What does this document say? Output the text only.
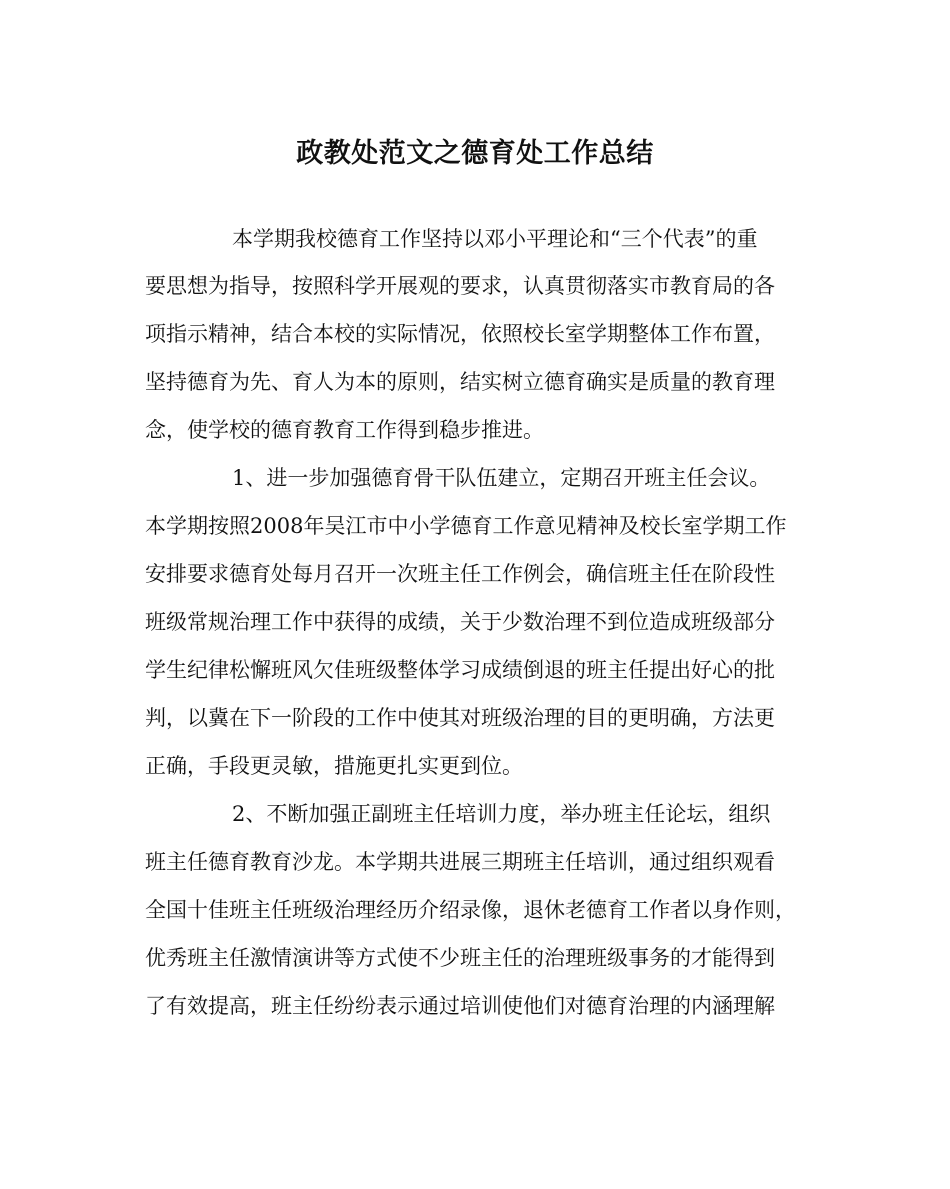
政教处范文之德育处工作总结
本学期我校德育工作坚持以邓小平理论和“三个代表”的重
要思想为指导，按照科学开展观的要求，认真贯彻落实市教育局的各
项指示精神，结合本校的实际情况，依照校长室学期整体工作布置，
坚持德育为先、育人为本的原则，结实树立德育确实是质量的教育理
念，使学校的德育教育工作得到稳步推进。
1、进一步加强德育骨干队伍建立，定期召开班主任会议。
本学期按照2008年吴江市中小学德育工作意见精神及校长室学期工作
安排要求德育处每月召开一次班主任工作例会，确信班主任在阶段性
班级常规治理工作中获得的成绩，关于少数治理不到位造成班级部分
学生纪律松懈班风欠佳班级整体学习成绩倒退的班主任提出好心的批
判，以冀在下一阶段的工作中使其对班级治理的目的更明确，方法更
正确，手段更灵敏，措施更扎实更到位。
2、不断加强正副班主任培训力度，举办班主任论坛，组织
班主任德育教育沙龙。本学期共进展三期班主任培训，通过组织观看
全国十佳班主任班级治理经历介绍录像，退休老德育工作者以身作则，
优秀班主任激情演讲等方式使不少班主任的治理班级事务的才能得到
了有效提高，班主任纷纷表示通过培训使他们对德育治理的内涵理解
